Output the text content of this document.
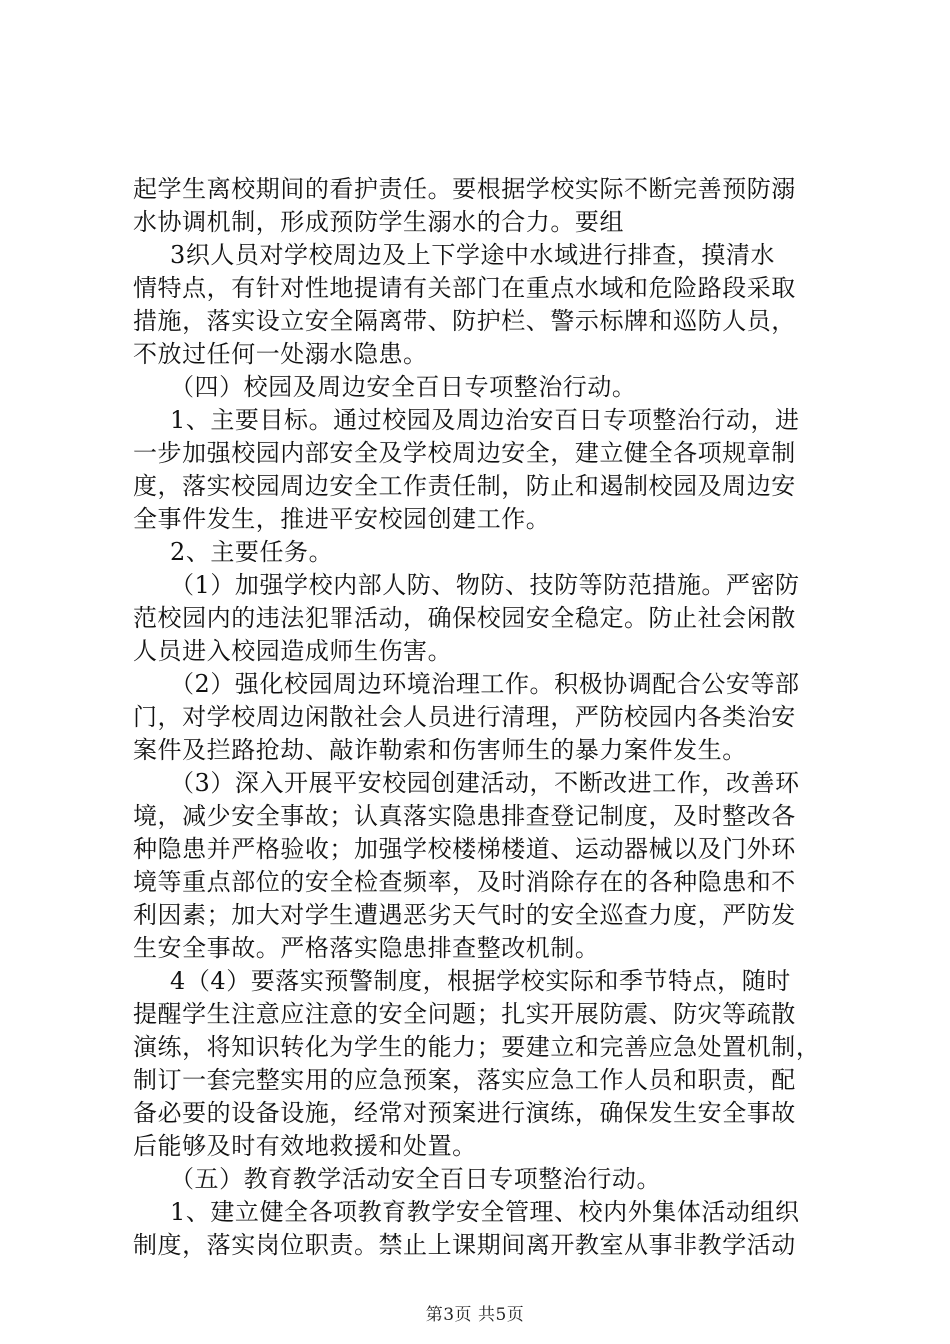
起学生离校期间的看护责任。要根据学校实际不断完善预防溺
水协调机制，形成预防学生溺水的合力。要组
3织人员对学校周边及上下学途中水域进行排查，摸清水
情特点，有针对性地提请有关部门在重点水域和危险路段采取
措施，落实设立安全隔离带、防护栏、警示标牌和巡防人员，
不放过任何一处溺水隐患。
（四）校园及周边安全百日专项整治行动。
1、主要目标。通过校园及周边治安百日专项整治行动，进
一步加强校园内部安全及学校周边安全，建立健全各项规章制
度，落实校园周边安全工作责任制，防止和遏制校园及周边安
全事件发生，推进平安校园创建工作。
2、主要任务。
（1）加强学校内部人防、物防、技防等防范措施。严密防
范校园内的违法犯罪活动，确保校园安全稳定。防止社会闲散
人员进入校园造成师生伤害。
（2）强化校园周边环境治理工作。积极协调配合公安等部
门，对学校周边闲散社会人员进行清理，严防校园内各类治安
案件及拦路抢劫、敲诈勒索和伤害师生的暴力案件发生。
（3）深入开展平安校园创建活动，不断改进工作，改善环
境，减少安全事故；认真落实隐患排查登记制度，及时整改各
种隐患并严格验收；加强学校楼梯楼道、运动器械以及门外环
境等重点部位的安全检查频率，及时消除存在的各种隐患和不
利因素；加大对学生遭遇恶劣天气时的安全巡查力度，严防发
生安全事故。严格落实隐患排查整改机制。
4（4）要落实预警制度，根据学校实际和季节特点，随时
提醒学生注意应注意的安全问题；扎实开展防震、防灾等疏散
演练，将知识转化为学生的能力；要建立和完善应急处置机制，
制订一套完整实用的应急预案，落实应急工作人员和职责，配
备必要的设备设施，经常对预案进行演练，确保发生安全事故
后能够及时有效地救援和处置。
（五）教育教学活动安全百日专项整治行动。
1、建立健全各项教育教学安全管理、校内外集体活动组织
制度，落实岗位职责。禁止上课期间离开教室从事非教学活动
第3页 共5页
